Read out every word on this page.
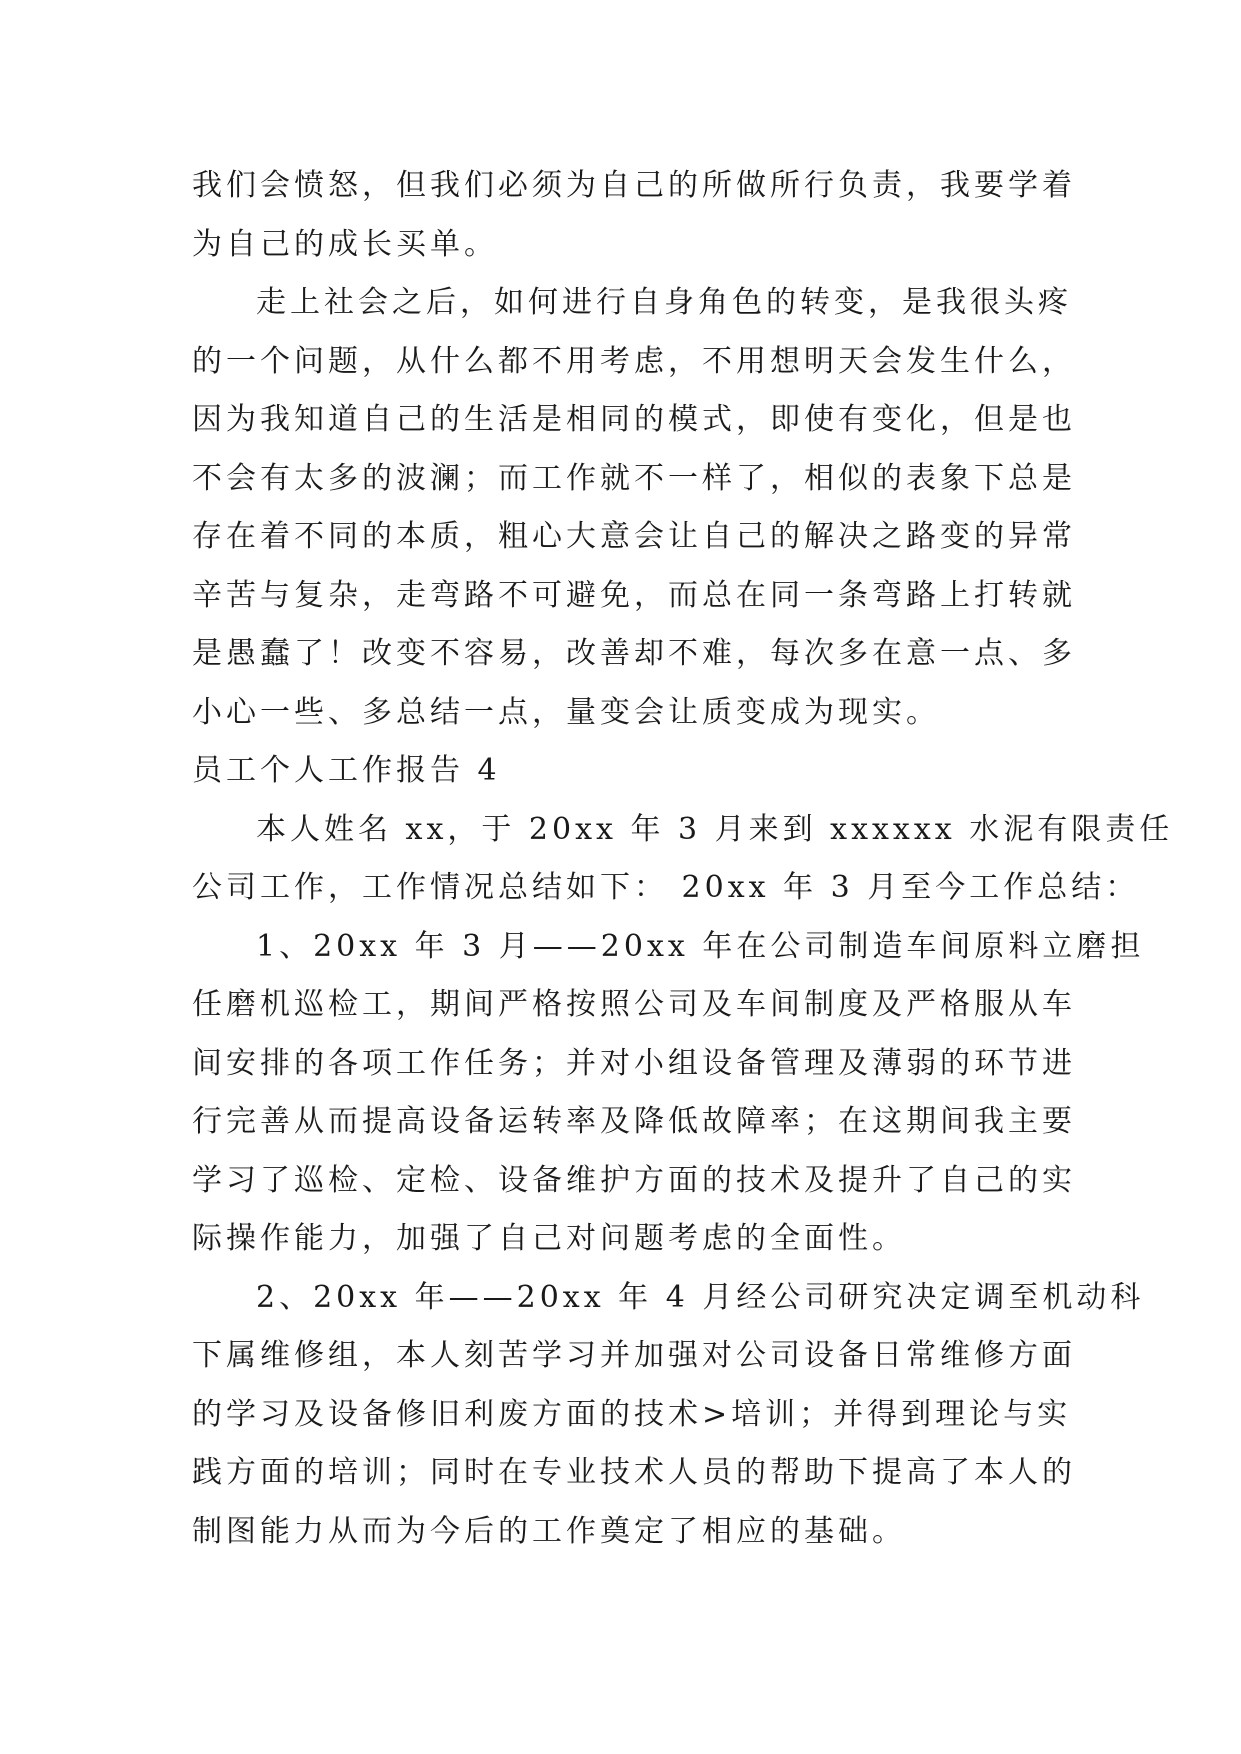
我们会愤怒，但我们必须为自己的所做所行负责，我要学着
为自己的成长买单。
走上社会之后，如何进行自身角色的转变，是我很头疼
的一个问题，从什么都不用考虑，不用想明天会发生什么，
因为我知道自己的生活是相同的模式，即使有变化，但是也
不会有太多的波澜；而工作就不一样了，相似的表象下总是
存在着不同的本质，粗心大意会让自己的解决之路变的异常
辛苦与复杂，走弯路不可避免，而总在同一条弯路上打转就
是愚蠢了！改变不容易，改善却不难，每次多在意一点、多
小心一些、多总结一点，量变会让质变成为现实。
员工个人工作报告 4
本人姓名 xx，于 20xx 年 3 月来到 xxxxxx 水泥有限责任
公司工作，工作情况总结如下： 20xx 年 3 月至今工作总结：
1、20xx 年 3 月——20xx 年在公司制造车间原料立磨担
任磨机巡检工，期间严格按照公司及车间制度及严格服从车
间安排的各项工作任务；并对小组设备管理及薄弱的环节进
行完善从而提高设备运转率及降低故障率；在这期间我主要
学习了巡检、定检、设备维护方面的技术及提升了自己的实
际操作能力，加强了自己对问题考虑的全面性。
2、20xx 年——20xx 年 4 月经公司研究决定调至机动科
下属维修组，本人刻苦学习并加强对公司设备日常维修方面
的学习及设备修旧利废方面的技术>培训；并得到理论与实
践方面的培训；同时在专业技术人员的帮助下提高了本人的
制图能力从而为今后的工作奠定了相应的基础。
